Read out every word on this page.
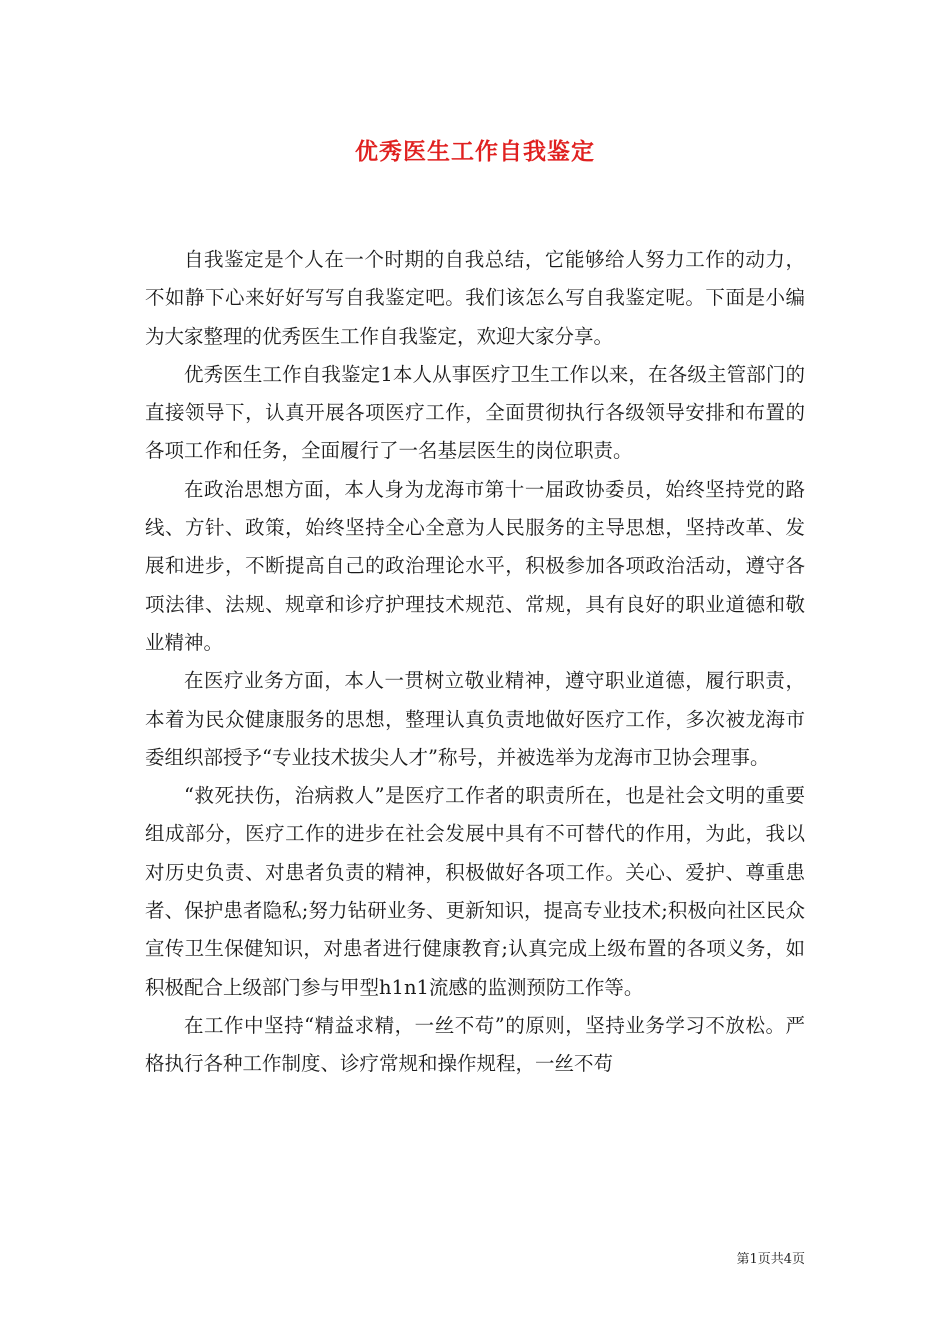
优秀医生工作自我鉴定

自我鉴定是个人在一个时期的自我总结，它能够给人努力工作的动力，不如静下心来好好写写自我鉴定吧。我们该怎么写自我鉴定呢。下面是小编为大家整理的优秀医生工作自我鉴定，欢迎大家分享。

优秀医生工作自我鉴定1本人从事医疗卫生工作以来，在各级主管部门的直接领导下，认真开展各项医疗工作，全面贯彻执行各级领导安排和布置的各项工作和任务，全面履行了一名基层医生的岗位职责。

在政治思想方面，本人身为龙海市第十一届政协委员，始终坚持党的路线、方针、政策，始终坚持全心全意为人民服务的主导思想，坚持改革、发展和进步，不断提高自己的政治理论水平，积极参加各项政治活动，遵守各项法律、法规、规章和诊疗护理技术规范、常规，具有良好的职业道德和敬业精神。

在医疗业务方面，本人一贯树立敬业精神，遵守职业道德，履行职责，本着为民众健康服务的思想，整理认真负责地做好医疗工作，多次被龙海市委组织部授予“专业技术拔尖人才”称号，并被选举为龙海市卫协会理事。

“救死扶伤，治病救人”是医疗工作者的职责所在，也是社会文明的重要组成部分，医疗工作的进步在社会发展中具有不可替代的作用，为此，我以对历史负责、对患者负责的精神，积极做好各项工作。关心、爱护、尊重患者、保护患者隐私;努力钻研业务、更新知识，提高专业技术;积极向社区民众宣传卫生保健知识，对患者进行健康教育;认真完成上级布置的各项义务，如积极配合上级部门参与甲型h1n1流感的监测预防工作等。

在工作中坚持“精益求精，一丝不苟”的原则，坚持业务学习不放松。严格执行各种工作制度、诊疗常规和操作规程，一丝不苟

第1页共4页
